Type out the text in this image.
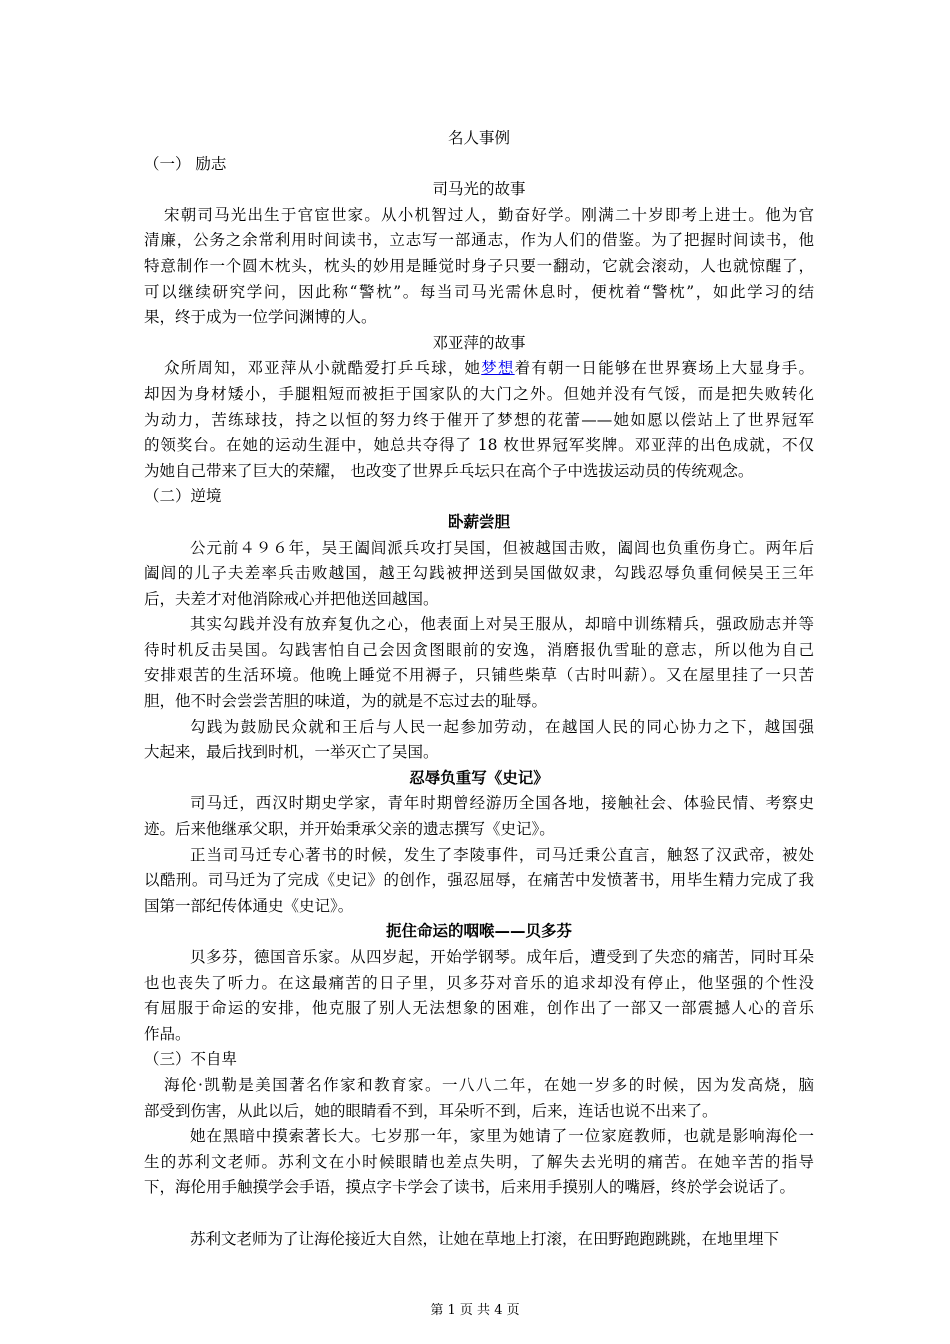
名人事例
（一） 励志
司马光的故事
宋朝司马光出生于官宦世家。从小机智过人，勤奋好学。刚满二十岁即考上进士。他为官
清廉，公务之余常利用时间读书，立志写一部通志，作为人们的借鉴。为了把握时间读书，他
特意制作一个圆木枕头，枕头的妙用是睡觉时身子只要一翻动，它就会滚动，人也就惊醒了，
可以继续研究学问，因此称“警枕”。每当司马光需休息时，便枕着“警枕”，如此学习的结
果，终于成为一位学问渊博的人。
邓亚萍的故事
众所周知，邓亚萍从小就酷爱打乒乓球，她梦想着有朝一日能够在世界赛场上大显身手。
却因为身材矮小，手腿粗短而被拒于国家队的大门之外。但她并没有气馁，而是把失败转化
为动力，苦练球技，持之以恒的努力终于催开了梦想的花蕾——她如愿以偿站上了世界冠军
的领奖台。在她的运动生涯中，她总共夺得了 18 枚世界冠军奖牌。邓亚萍的出色成就，不仅
为她自己带来了巨大的荣耀， 也改变了世界乒乓坛只在高个子中选拔运动员的传统观念。
（二）逆境
卧薪尝胆
公元前４９６年，吴王阖闾派兵攻打吴国，但被越国击败，阖闾也负重伤身亡。两年后
阖闾的儿子夫差率兵击败越国，越王勾践被押送到吴国做奴隶，勾践忍辱负重伺候吴王三年
后，夫差才对他消除戒心并把他送回越国。
其实勾践并没有放弃复仇之心，他表面上对吴王服从，却暗中训练精兵，强政励志并等
待时机反击吴国。勾践害怕自己会因贪图眼前的安逸，消磨报仇雪耻的意志，所以他为自己
安排艰苦的生活环境。他晚上睡觉不用褥子，只铺些柴草（古时叫薪）。又在屋里挂了一只苦
胆，他不时会尝尝苦胆的味道，为的就是不忘过去的耻辱。
勾践为鼓励民众就和王后与人民一起参加劳动，在越国人民的同心协力之下，越国强
大起来，最后找到时机，一举灭亡了吴国。
忍辱负重写《史记》
司马迁，西汉时期史学家，青年时期曾经游历全国各地，接触社会、体验民情、考察史
迹。后来他继承父职，并开始秉承父亲的遗志撰写《史记》。
正当司马迁专心著书的时候，发生了李陵事件，司马迁秉公直言，触怒了汉武帝，被处
以酷刑。司马迁为了完成《史记》的创作，强忍屈辱，在痛苦中发愤著书，用毕生精力完成了我
国第一部纪传体通史《史记》。
扼住命运的咽喉——贝多芬
贝多芬，德国音乐家。从四岁起，开始学钢琴。成年后，遭受到了失恋的痛苦，同时耳朵
也也丧失了听力。在这最痛苦的日子里，贝多芬对音乐的追求却没有停止，他坚强的个性没
有屈服于命运的安排，他克服了别人无法想象的困难，创作出了一部又一部震撼人心的音乐
作品。
（三）不自卑
海伦·凯勒是美国著名作家和教育家。一八八二年，在她一岁多的时候，因为发高烧，脑
部受到伤害，从此以后，她的眼睛看不到，耳朵听不到，后来，连话也说不出来了。
她在黑暗中摸索著长大。七岁那一年，家里为她请了一位家庭教师，也就是影响海伦一
生的苏利文老师。苏利文在小时候眼睛也差点失明，了解失去光明的痛苦。在她辛苦的指导
下，海伦用手触摸学会手语，摸点字卡学会了读书，后来用手摸别人的嘴唇，终於学会说话了。
苏利文老师为了让海伦接近大自然，让她在草地上打滚，在田野跑跑跳跳，在地里埋下
第 1 页 共 4 页
